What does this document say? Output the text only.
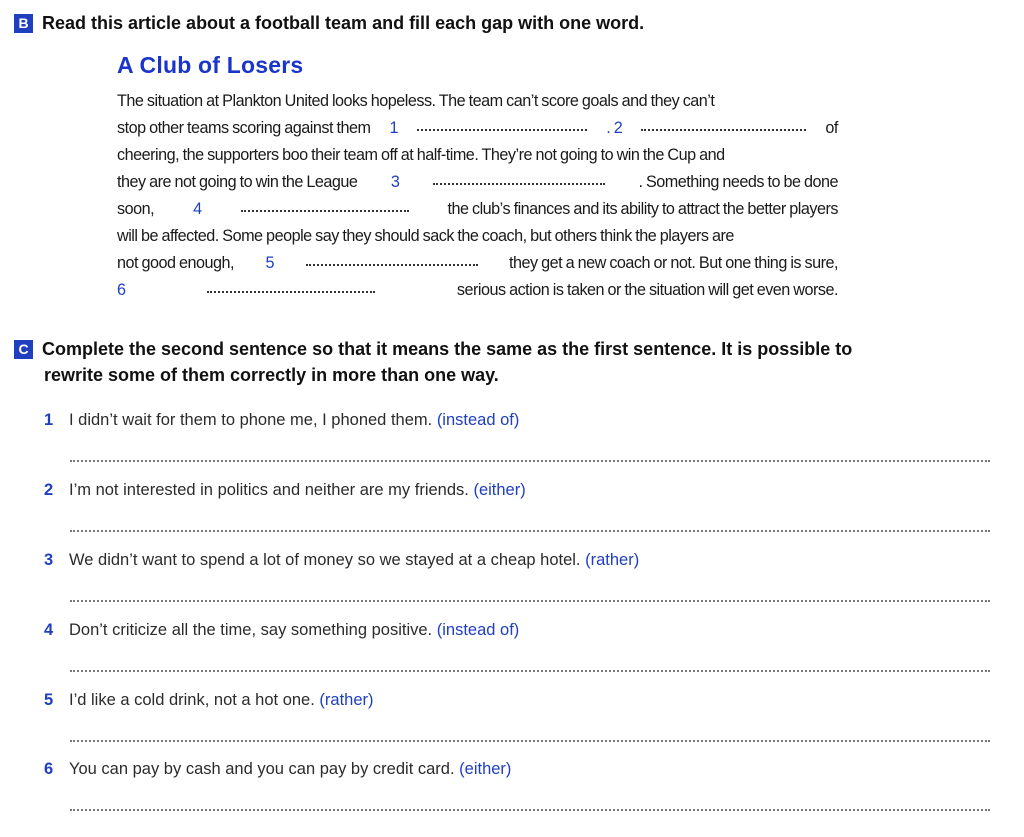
B Read this article about a football team and fill each gap with one word.
A Club of Losers
The situation at Plankton United looks hopeless. The team can’t score goals and they can’t
stop other teams scoring against them 1	. 2	of
cheering, the supporters boo their team off at half-time. They’re not going to win the Cup and
they are not going to win the League 3	. Something needs to be done
soon, 4	the club’s finances and its ability to attract the better players
will be affected. Some people say they should sack the coach, but others think the players are
not good enough, 5	they get a new coach or not. But one thing is sure,
6	serious action is taken or the situation will get even worse.
C Complete the second sentence so that it means the same as the first sentence. It is possible to
rewrite some of them correctly in more than one way.
1 I didn’t wait for them to phone me, I phoned them. (instead of)
2 I’m not interested in politics and neither are my friends. (either)
3 We didn’t want to spend a lot of money so we stayed at a cheap hotel. (rather)
4 Don’t criticize all the time, say something positive. (instead of)
5 I’d like a cold drink, not a hot one. (rather)
6 You can pay by cash and you can pay by credit card. (either)
